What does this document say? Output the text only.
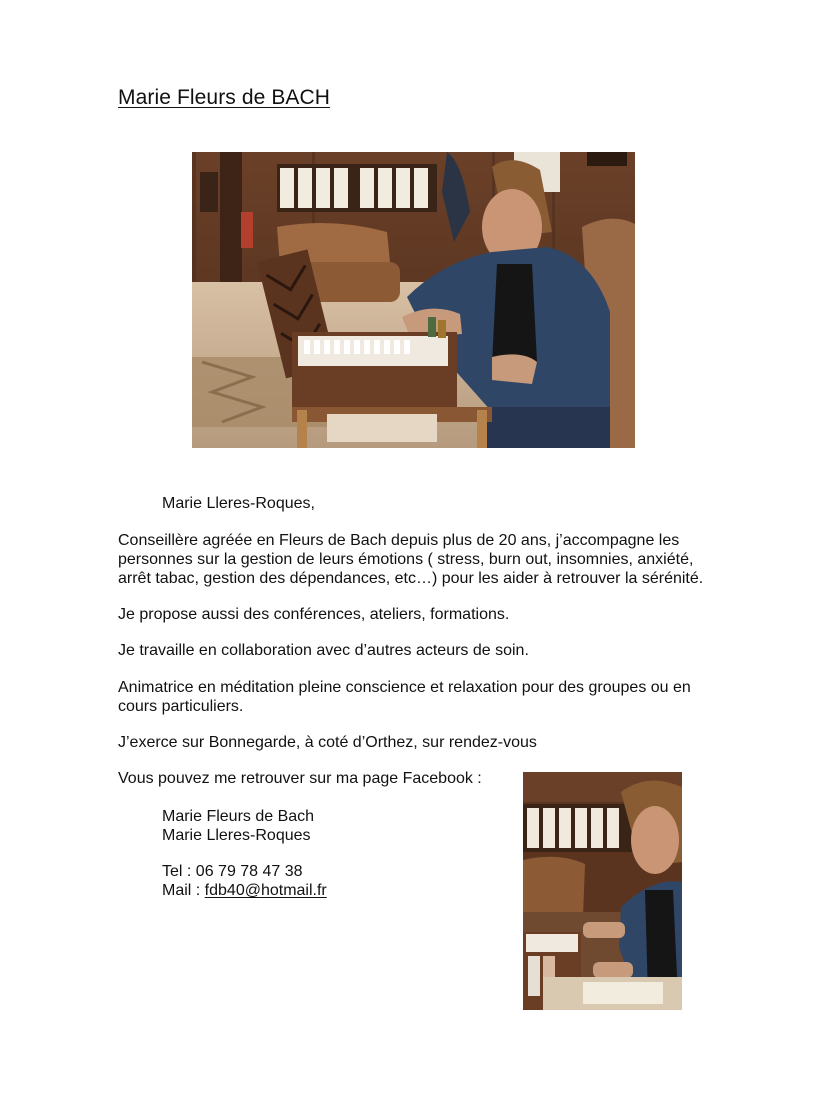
Marie Fleurs de BACH
Marie Lleres-Roques,
Conseillère agréée en Fleurs de Bach depuis plus de 20 ans, j’accompagne les
personnes sur la gestion de leurs émotions ( stress, burn out, insomnies, anxiété,
arrêt tabac, gestion des dépendances, etc…) pour les aider à retrouver la sérénité.
Je propose aussi des conférences, ateliers, formations.
Je travaille en collaboration avec d’autres acteurs de soin.
Animatrice en méditation pleine conscience et relaxation pour des groupes ou en
cours particuliers.
J’exerce sur Bonnegarde, à coté d’Orthez, sur rendez-vous
Vous pouvez me retrouver sur ma page Facebook :
Marie Fleurs de Bach
Marie Lleres-Roques
Tel : 06 79 78 47 38
Mail : fdb40@hotmail.fr
